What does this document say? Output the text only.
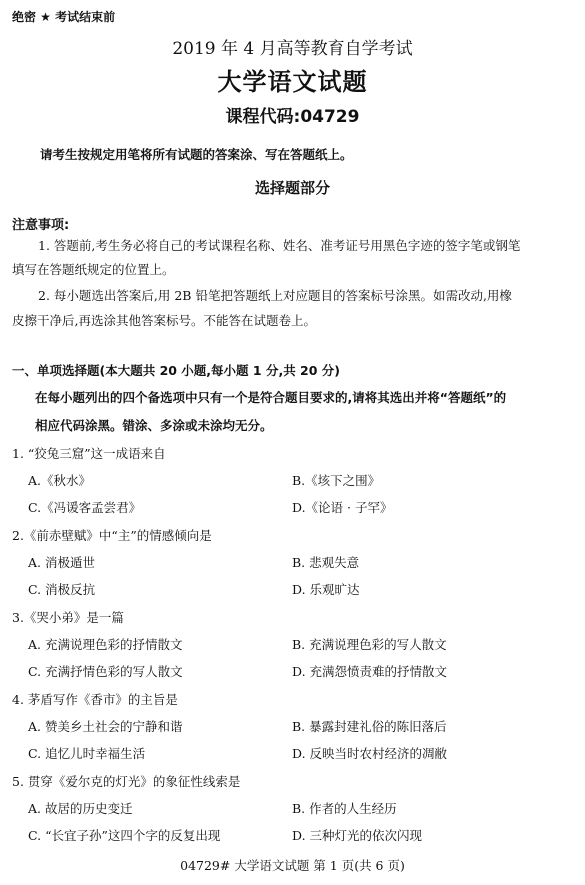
绝密 ★ 考试结束前
2019 年 4 月高等教育自学考试
大学语文试题
课程代码:04729
请考生按规定用笔将所有试题的答案涂、写在答题纸上。
选择题部分
注意事项:
1. 答题前,考生务必将自己的考试课程名称、姓名、准考证号用黑色字迹的签字笔或钢笔
填写在答题纸规定的位置上。
2. 每小题选出答案后,用 2B 铅笔把答题纸上对应题目的答案标号涂黑。如需改动,用橡
皮擦干净后,再选涂其他答案标号。不能答在试题卷上。
一、单项选择题(本大题共 20 小题,每小题 1 分,共 20 分)
在每小题列出的四个备选项中只有一个是符合题目要求的,请将其选出并将“答题纸”的
相应代码涂黑。错涂、多涂或未涂均无分。
1. “狡兔三窟”这一成语来自
A.《秋水》	B.《垓下之围》
C.《冯谖客孟尝君》	D.《论语 · 子罕》
2.《前赤壁赋》中“主”的情感倾向是
A. 消极遁世	B. 悲观失意
C. 消极反抗	D. 乐观旷达
3.《哭小弟》是一篇
A. 充满说理色彩的抒情散文	B. 充满说理色彩的写人散文
C. 充满抒情色彩的写人散文	D. 充满怨愤责难的抒情散文
4. 茅盾写作《香市》的主旨是
A. 赞美乡土社会的宁静和谐	B. 暴露封建礼俗的陈旧落后
C. 追忆儿时幸福生活	D. 反映当时农村经济的凋敝
5. 贯穿《爱尔克的灯光》的象征性线索是
A. 故居的历史变迁	B. 作者的人生经历
C. “长宜子孙”这四个字的反复出现	D. 三种灯光的依次闪现
04729# 大学语文试题 第 1 页(共 6 页)
